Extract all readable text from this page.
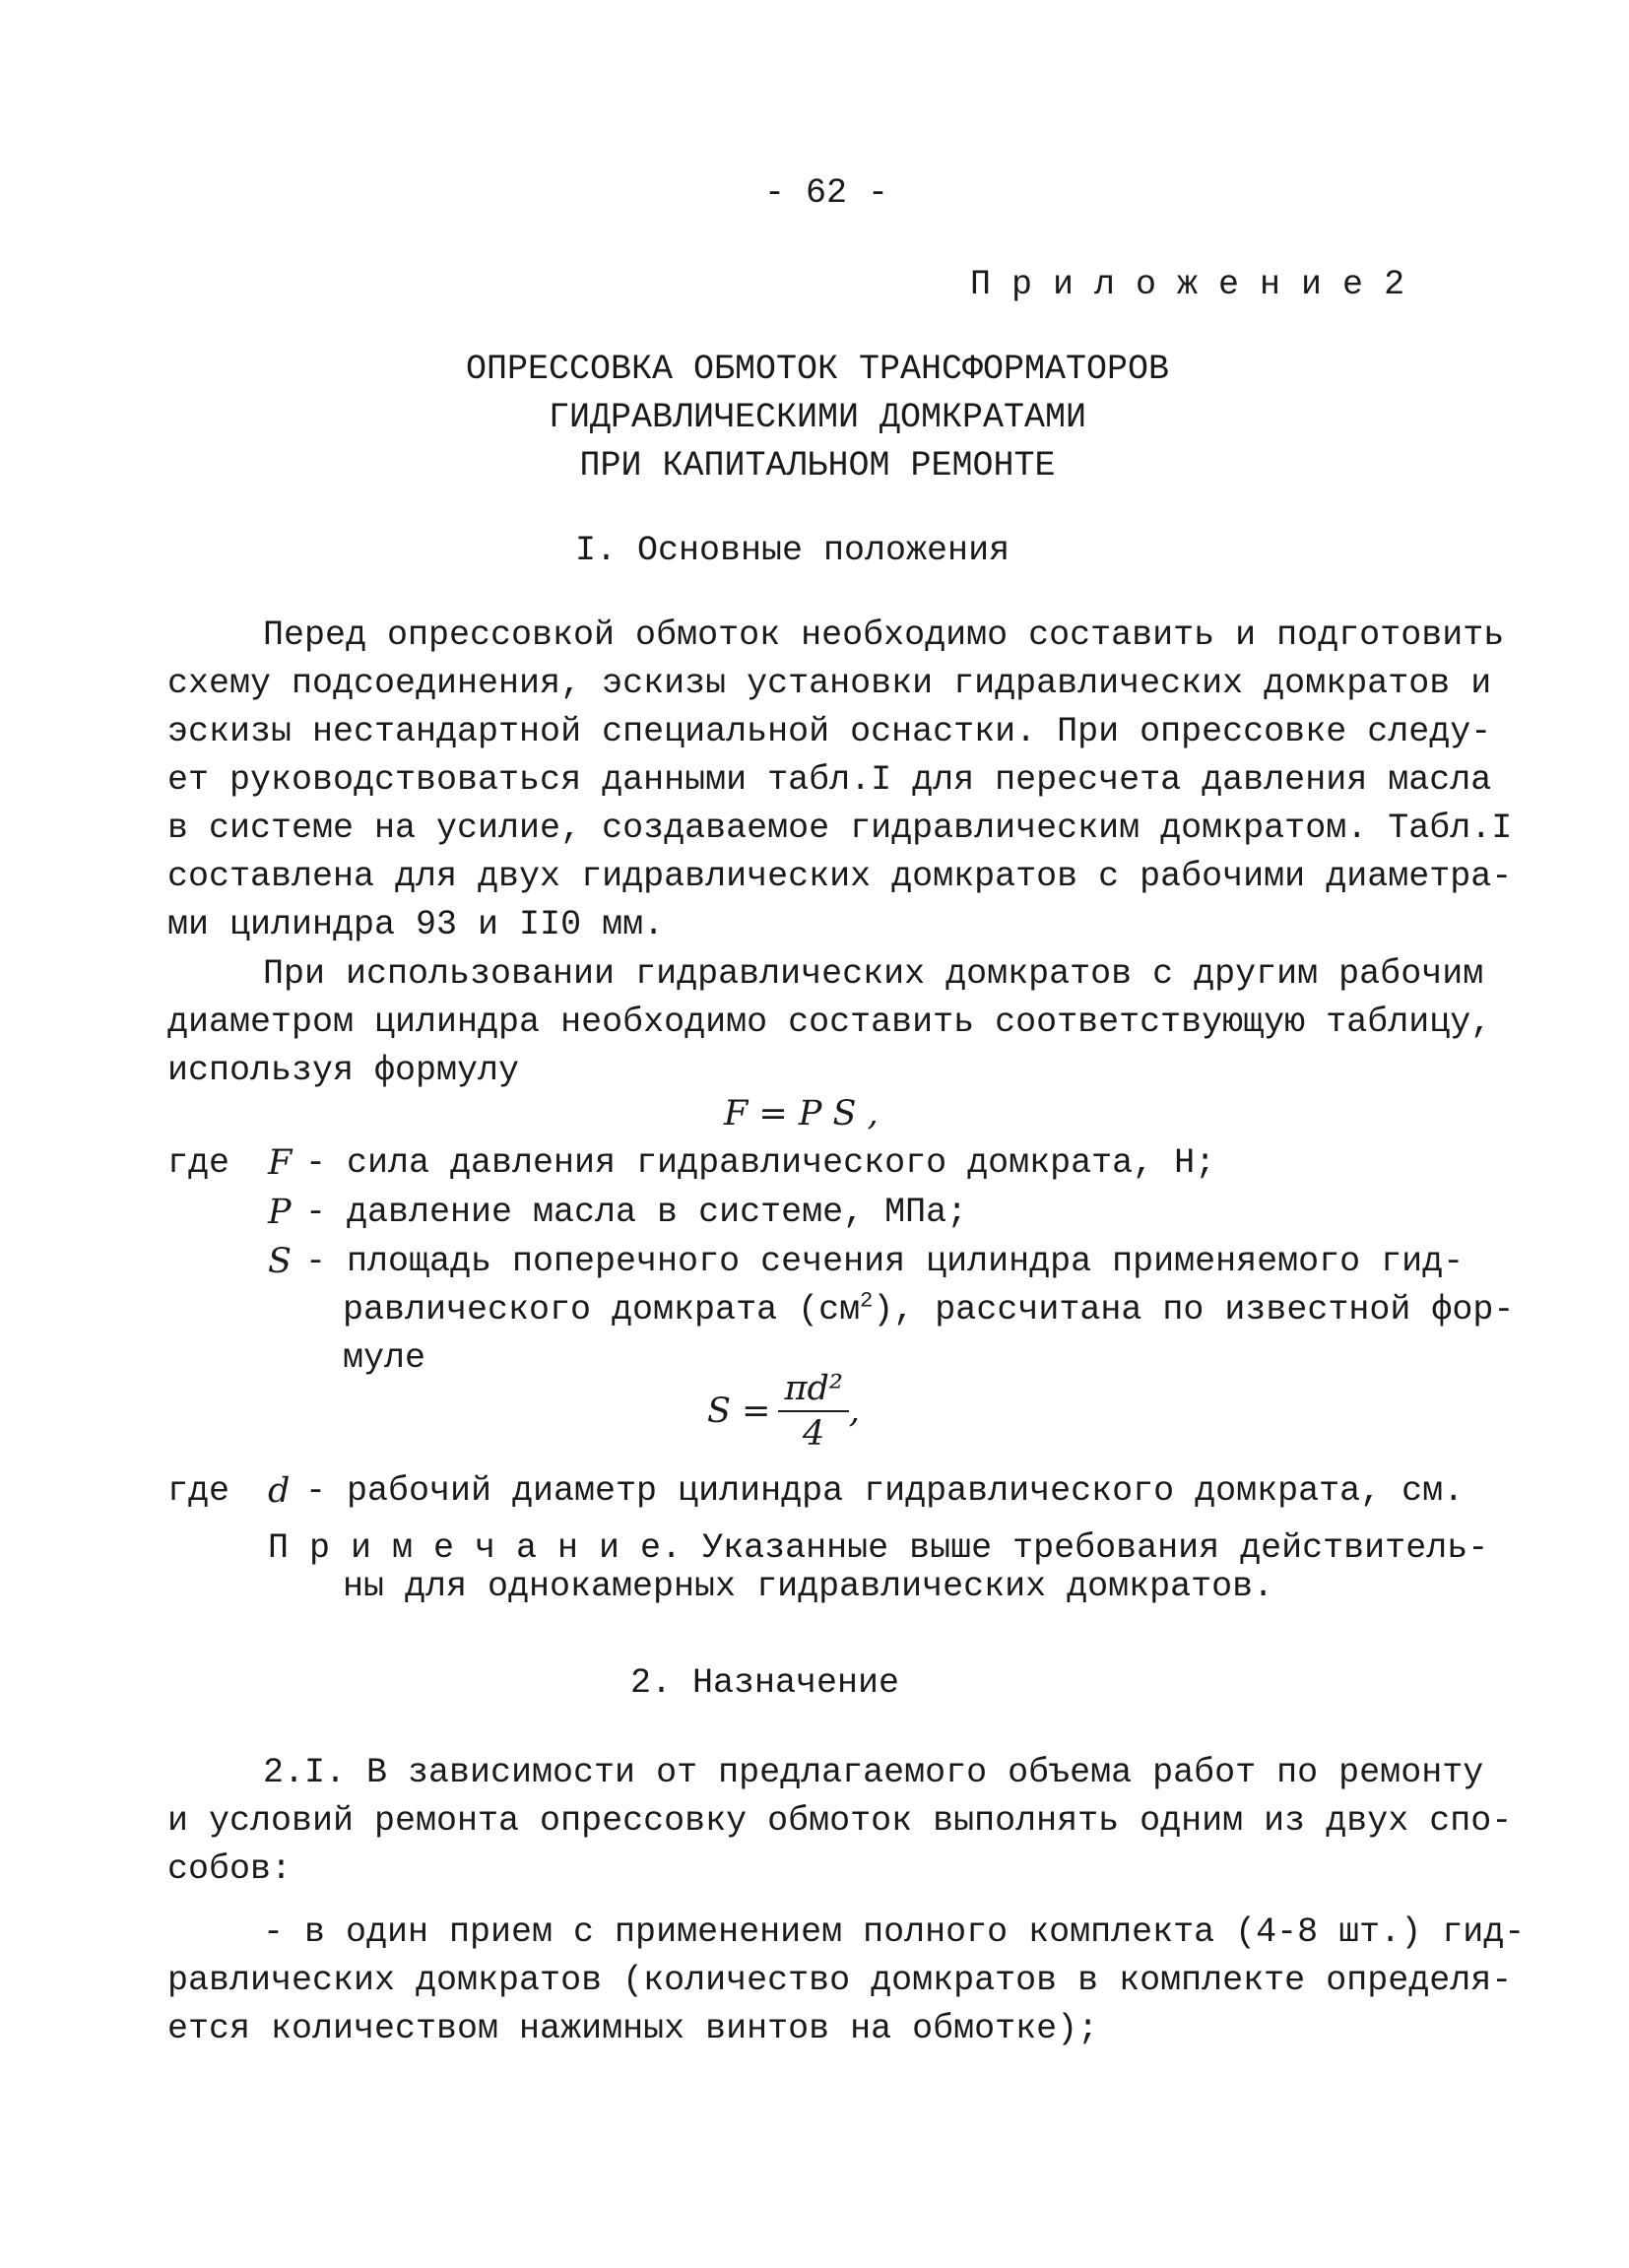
- 62 -
П р и л о ж е н и е 2
ОПРЕССОВКА ОБМОТОК ТРАНСФОРМАТОРОВ
ГИДРАВЛИЧЕСКИМИ ДОМКРАТАМИ
ПРИ КАПИТАЛЬНОМ РЕМОНТЕ
I. Основные положения
Перед опрессовкой обмоток необходимо составить и подготовить
схему подсоединения, эскизы установки гидравлических домкратов и
эскизы нестандартной специальной оснастки. При опрессовке следу-
ет руководствоваться данными табл.I для пересчета давления масла
в системе на усилие, создаваемое гидравлическим домкратом. Табл.I
составлена для двух гидравлических домкратов с рабочими диаметра-
ми цилиндра 93 и II0 мм.
При использовании гидравлических домкратов с другим рабочим
диаметром цилиндра необходимо составить соответствующую таблицу,
используя формулу
F = P S ,
где F - сила давления гидравлического домкрата, Н;
P - давление масла в системе, МПа;
S - площадь поперечного сечения цилиндра применяемого гид-
равлического домкрата $(см^2)$, рассчитана по известной фор-
муле
$S = \frac{\text{πd²}}{4}$ ,
где d - рабочий диаметр цилиндра гидравлического домкрата, см.
П р и м е ч а н и е. Указанные выше требования действитель-
ны для однокамерных гидравлических домкратов.
2. Назначение
2.I. В зависимости от предлагаемого объема работ по ремонту
и условий ремонта опрессовку обмоток выполнять одним из двух спо-
собов:
- в один прием с применением полного комплекта (4-8 шт.) гид-
равлических домкратов (количество домкратов в комплекте определя-
ется количеством нажимных винтов на обмотке);
